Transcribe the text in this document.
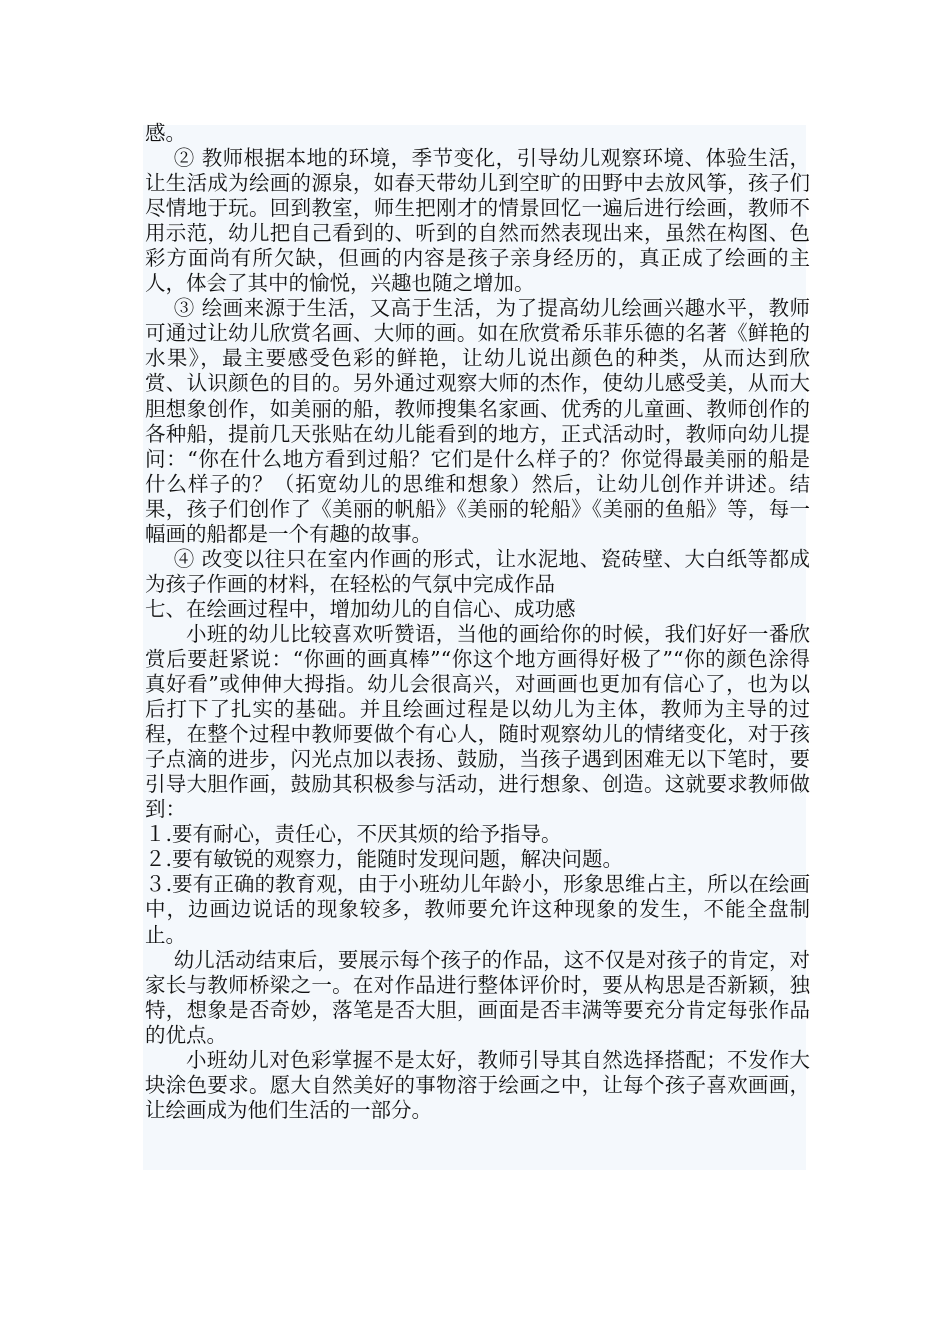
感。

② 教师根据本地的环境，季节变化，引导幼儿观察环境、体验生活，让生活成为绘画的源泉，如春天带幼儿到空旷的田野中去放风筝，孩子们尽情地于玩。回到教室，师生把刚才的情景回忆一遍后进行绘画，教师不用示范，幼儿把自己看到的、听到的自然而然表现出来，虽然在构图、色彩方面尚有所欠缺，但画的内容是孩子亲身经历的，真正成了绘画的主人，体会了其中的愉悦，兴趣也随之增加。

③ 绘画来源于生活，又高于生活，为了提高幼儿绘画兴趣水平，教师可通过让幼儿欣赏名画、大师的画。如在欣赏希乐菲乐德的名著《鲜艳的水果》，最主要感受色彩的鲜艳，让幼儿说出颜色的种类，从而达到欣赏、认识颜色的目的。另外通过观察大师的杰作，使幼儿感受美，从而大胆想象创作，如美丽的船，教师搜集名家画、优秀的儿童画、教师创作的各种船，提前几天张贴在幼儿能看到的地方，正式活动时，教师向幼儿提问：“你在什么地方看到过船？它们是什么样子的？你觉得最美丽的船是什么样子的？（拓宽幼儿的思维和想象）然后，让幼儿创作并讲述。结果，孩子们创作了《美丽的帆船》《美丽的轮船》《美丽的鱼船》等，每一幅画的船都是一个有趣的故事。

④ 改变以往只在室内作画的形式，让水泥地、瓷砖壁、大白纸等都成为孩子作画的材料，在轻松的气氛中完成作品

七、在绘画过程中，增加幼儿的自信心、成功感

小班的幼儿比较喜欢听赞语，当他的画给你的时候，我们好好一番欣赏后要赶紧说：“你画的画真棒”“你这个地方画得好极了”“你的颜色涂得真好看”或伸伸大拇指。幼儿会很高兴，对画画也更加有信心了，也为以后打下了扎实的基础。并且绘画过程是以幼儿为主体，教师为主导的过程，在整个过程中教师要做个有心人，随时观察幼儿的情绪变化，对于孩子点滴的进步，闪光点加以表扬、鼓励，当孩子遇到困难无以下笔时，要引导大胆作画，鼓励其积极参与活动，进行想象、创造。这就要求教师做到：

１.要有耐心，责任心，不厌其烦的给予指导。

２.要有敏锐的观察力，能随时发现问题，解决问题。

３.要有正确的教育观，由于小班幼儿年龄小，形象思维占主，所以在绘画中，边画边说话的现象较多，教师要允许这种现象的发生，不能全盘制止。

幼儿活动结束后，要展示每个孩子的作品，这不仅是对孩子的肯定，对家长与教师桥梁之一。在对作品进行整体评价时，要从构思是否新颖，独特，想象是否奇妙，落笔是否大胆，画面是否丰满等要充分肯定每张作品的优点。

小班幼儿对色彩掌握不是太好，教师引导其自然选择搭配；不发作大块涂色要求。愿大自然美好的事物溶于绘画之中，让每个孩子喜欢画画，让绘画成为他们生活的一部分。
